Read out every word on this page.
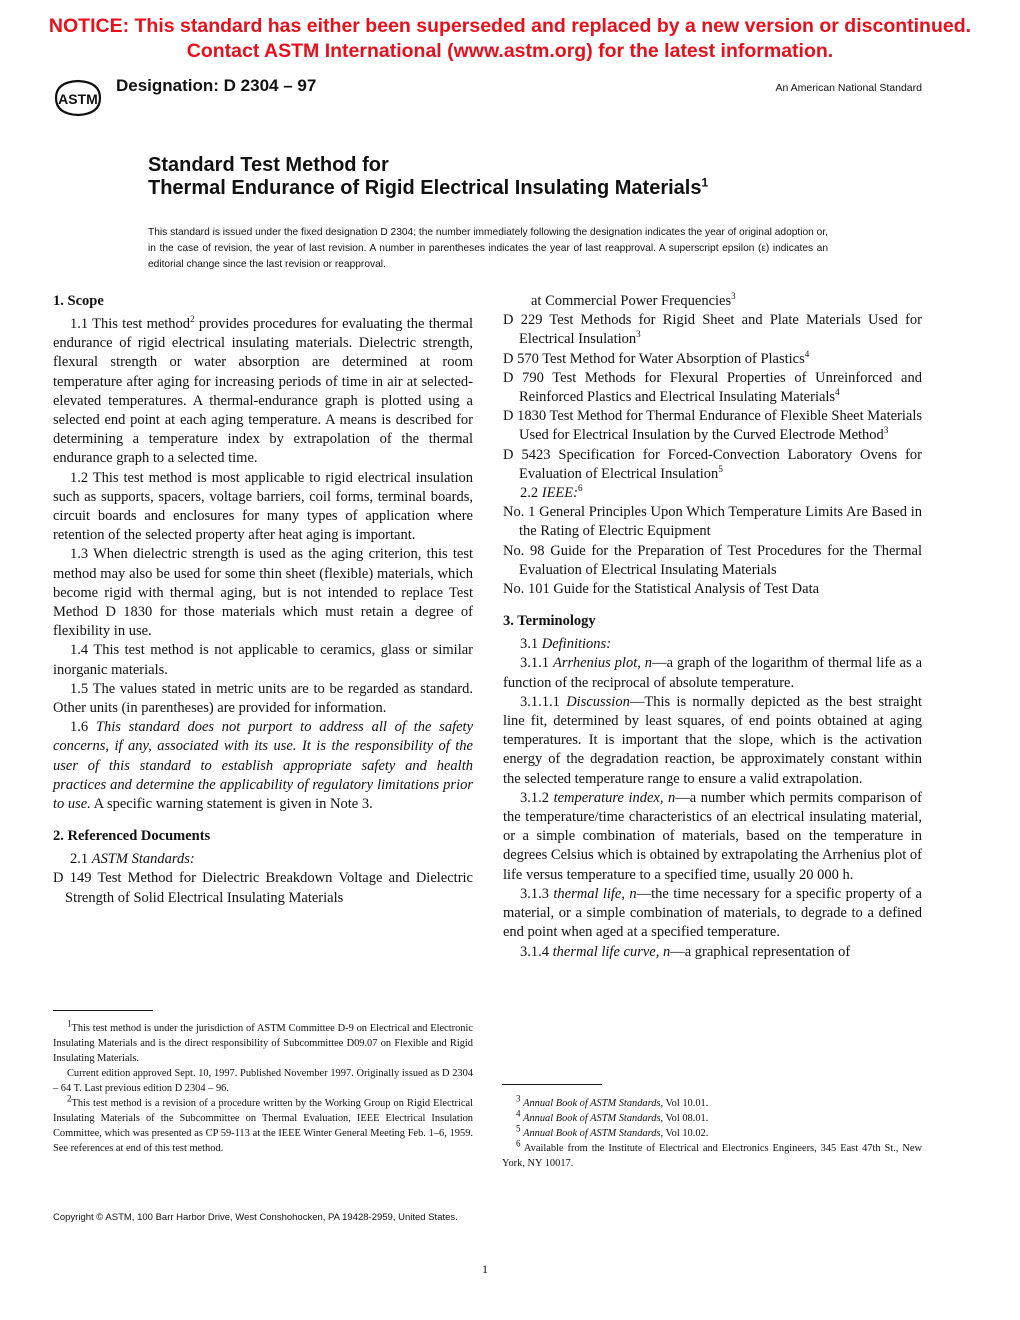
NOTICE: This standard has either been superseded and replaced by a new version or discontinued.
Contact ASTM International (www.astm.org) for the latest information.
ASTM
Designation: D 2304 – 97	An American National Standard
Standard Test Method for
Thermal Endurance of Rigid Electrical Insulating Materials$^1$
This standard is issued under the fixed designation D 2304; the number immediately following the designation indicates the year of original adoption or, in the case of revision, the year of last revision. A number in parentheses indicates the year of last reapproval. A superscript epsilon (ε) indicates an editorial change since the last revision or reapproval.
1. Scope

1.1 This test method$^2$ provides procedures for evaluating the thermal endurance of rigid electrical insulating materials. Dielectric strength, flexural strength or water absorption are determined at room temperature after aging for increasing periods of time in air at selected-elevated temperatures. A thermal-endurance graph is plotted using a selected end point at each aging temperature. A means is described for determining a temperature index by extrapolation of the thermal endurance graph to a selected time.

1.2 This test method is most applicable to rigid electrical insulation such as supports, spacers, voltage barriers, coil forms, terminal boards, circuit boards and enclosures for many types of application where retention of the selected property after heat aging is important.

1.3 When dielectric strength is used as the aging criterion, this test method may also be used for some thin sheet (flexible) materials, which become rigid with thermal aging, but is not intended to replace Test Method D 1830 for those materials which must retain a degree of flexibility in use.

1.4 This test method is not applicable to ceramics, glass or similar inorganic materials.

1.5 The values stated in metric units are to be regarded as standard. Other units (in parentheses) are provided for information.

1.6 This standard does not purport to address all of the safety concerns, if any, associated with its use. It is the responsibility of the user of this standard to establish appropriate safety and health practices and determine the applicability of regulatory limitations prior to use. A specific warning statement is given in Note 3.

2. Referenced Documents

2.1 ASTM Standards:

D 149 Test Method for Dielectric Breakdown Voltage and Dielectric Strength of Solid Electrical Insulating Materials

at Commercial Power Frequencies$^3$

D 229 Test Methods for Rigid Sheet and Plate Materials Used for Electrical Insulation$^3$

D 570 Test Method for Water Absorption of Plastics$^4$

D 790 Test Methods for Flexural Properties of Unreinforced and Reinforced Plastics and Electrical Insulating Materials$^4$

D 1830 Test Method for Thermal Endurance of Flexible Sheet Materials Used for Electrical Insulation by the Curved Electrode Method$^3$

D 5423 Specification for Forced-Convection Laboratory Ovens for Evaluation of Electrical Insulation$^5$

2.2 IEEE:$^6$

No. 1 General Principles Upon Which Temperature Limits Are Based in the Rating of Electric Equipment

No. 98 Guide for the Preparation of Test Procedures for the Thermal Evaluation of Electrical Insulating Materials

No. 101 Guide for the Statistical Analysis of Test Data

3. Terminology

3.1 Definitions:

3.1.1 Arrhenius plot, n—a graph of the logarithm of thermal life as a function of the reciprocal of absolute temperature.

3.1.1.1 Discussion—This is normally depicted as the best straight line fit, determined by least squares, of end points obtained at aging temperatures. It is important that the slope, which is the activation energy of the degradation reaction, be approximately constant within the selected temperature range to ensure a valid extrapolation.

3.1.2 temperature index, n—a number which permits comparison of the temperature/time characteristics of an electrical insulating material, or a simple combination of materials, based on the temperature in degrees Celsius which is obtained by extrapolating the Arrhenius plot of life versus temperature to a specified time, usually 20 000 h.

3.1.3 thermal life, n—the time necessary for a specific property of a material, or a simple combination of materials, to degrade to a defined end point when aged at a specified temperature.

3.1.4 thermal life curve, n—a graphical representation of

$^1$This test method is under the jurisdiction of ASTM Committee D-9 on Electrical and Electronic Insulating Materials and is the direct responsibility of Subcommittee D09.07 on Flexible and Rigid Insulating Materials.

Current edition approved Sept. 10, 1997. Published November 1997. Originally issued as D 2304 – 64 T. Last previous edition D 2304 – 96.

$^2$This test method is a revision of a procedure written by the Working Group on Rigid Electrical Insulating Materials of the Subcommittee on Thermal Evaluation, IEEE Electrical Insulation Committee, which was presented as CP 59-113 at the IEEE Winter General Meeting Feb. 1–6, 1959. See references at end of this test method.

$^3$ Annual Book of ASTM Standards, Vol 10.01.

$^4$ Annual Book of ASTM Standards, Vol 08.01.

$^5$ Annual Book of ASTM Standards, Vol 10.02.

$^6$ Available from the Institute of Electrical and Electronics Engineers, 345 East 47th St., New York, NY 10017.

Copyright © ASTM, 100 Barr Harbor Drive, West Conshohocken, PA 19428-2959, United States.
1
